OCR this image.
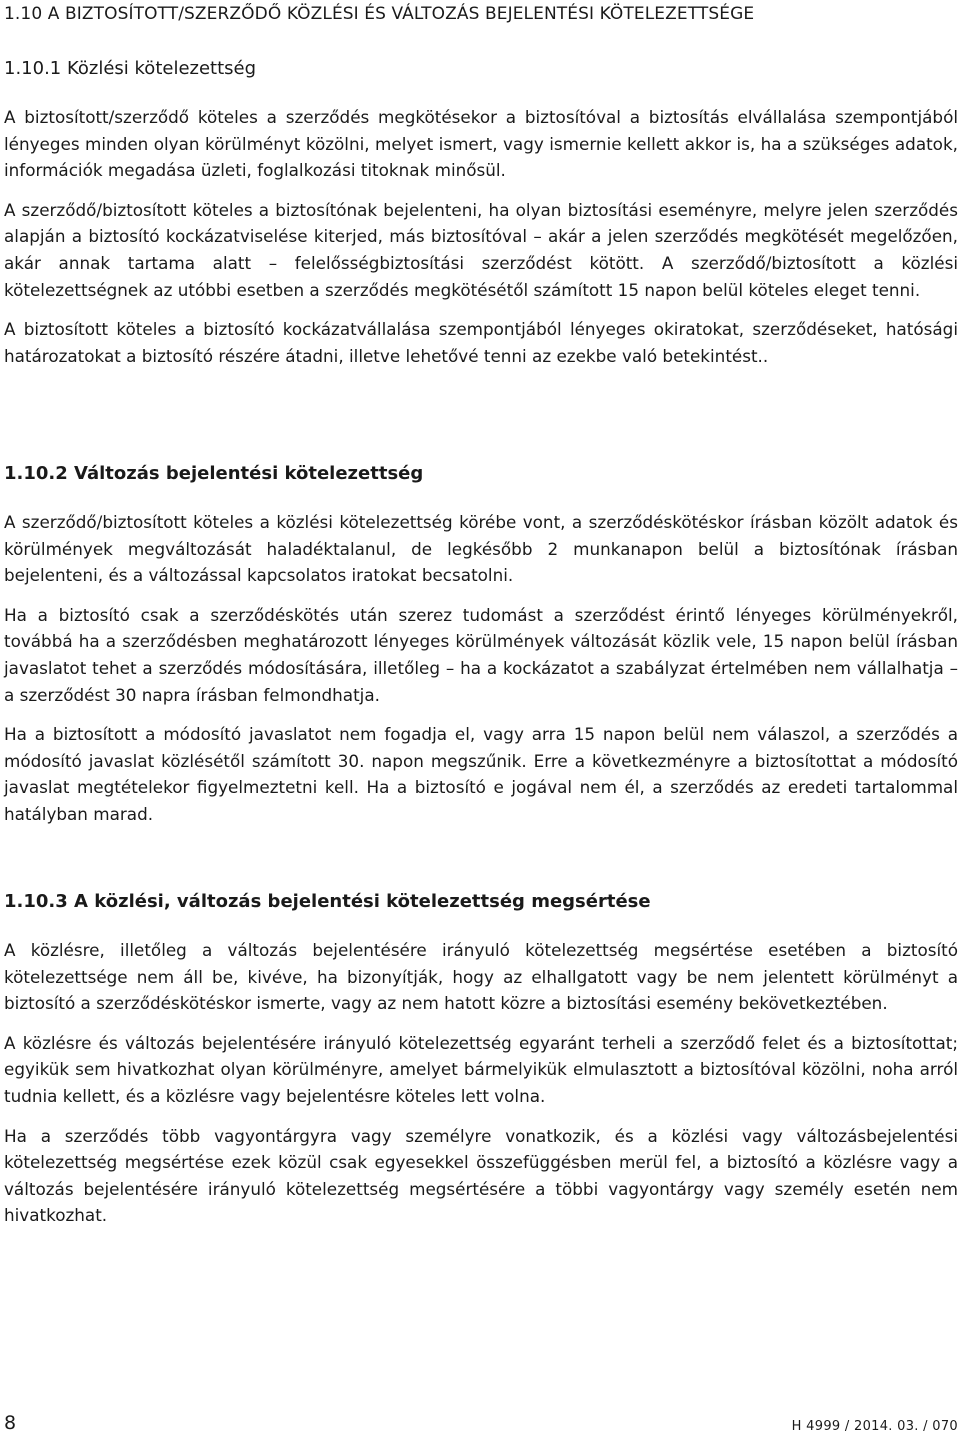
1.10 A BIZTOSÍTOTT/SZERZŐDŐ KÖZLÉSI ÉS VÁLTOZÁS BEJELENTÉSI KÖTELEZETTSÉGE
1.10.1 Közlési kötelezettség

A biztosított/szerződő köteles a szerződés megkötésekor a biztosítóval a biztosítás elvállalása szempontjából lényeges minden olyan körülményt közölni, melyet ismert, vagy ismernie kellett akkor is, ha a szükséges adatok, információk megadása üzleti, foglalkozási titoknak minősül.

A szerződő/biztosított köteles a biztosítónak bejelenteni, ha olyan biztosítási eseményre, melyre jelen szerződés alapján a biztosító kockázatviselése kiterjed, más biztosítóval – akár a jelen szerződés megkötését megelőzően, akár annak tartama alatt – felelősségbiztosítási szerződést kötött. A szerződő/biztosított a közlési kötelezettségnek az utóbbi esetben a szerződés megkötésétől számított 15 napon belül köteles eleget tenni.

A biztosított köteles a biztosító kockázatvállalása szempontjából lényeges okiratokat, szerződéseket, hatósági határozatokat a biztosító részére átadni, illetve lehetővé tenni az ezekbe való betekintést..

1.10.2 Változás bejelentési kötelezettség

A szerződő/biztosított köteles a közlési kötelezettség körébe vont, a szerződéskötéskor írásban közölt adatok és körülmények megváltozását haladéktalanul, de legkésőbb 2 munkanapon belül a biztosítónak írásban bejelenteni, és a változással kapcsolatos iratokat becsatolni.

Ha a biztosító csak a szerződéskötés után szerez tudomást a szerződést érintő lényeges körülményekről, továbbá ha a szerződésben meghatározott lényeges körülmények változását közlik vele, 15 napon belül írásban javaslatot tehet a szerződés módosítására, illetőleg – ha a kockázatot a szabályzat értelmében nem vállalhatja – a szerződést 30 napra írásban felmondhatja.

Ha a biztosított a módosító javaslatot nem fogadja el, vagy arra 15 napon belül nem válaszol, a szerződés a módosító javaslat közlésétől számított 30. napon megszűnik. Erre a következményre a biztosítottat a módosító javaslat megtételekor figyelmeztetni kell. Ha a biztosító e jogával nem él, a szerződés az eredeti tartalommal hatályban marad.

1.10.3 A közlési, változás bejelentési kötelezettség megsértése

A közlésre, illetőleg a változás bejelentésére irányuló kötelezettség megsértése esetében a biztosító kötelezettsége nem áll be, kivéve, ha bizonyítják, hogy az elhallgatott vagy be nem jelentett körülményt a biztosító a szerződéskötéskor ismerte, vagy az nem hatott közre a biztosítási esemény bekövetkeztében.

A közlésre és változás bejelentésére irányuló kötelezettség egyaránt terheli a szerződő felet és a biztosítottat; egyikük sem hivatkozhat olyan körülményre, amelyet bármelyikük elmulasztott a biztosítóval közölni, noha arról tudnia kellett, és a közlésre vagy bejelentésre köteles lett volna.

Ha a szerződés több vagyontárgyra vagy személyre vonatkozik, és a közlési vagy változásbejelentési kötelezettség megsértése ezek közül csak egyesekkel összefüggésben merül fel, a biztosító a közlésre vagy a változás bejelentésére irányuló kötelezettség megsértésére a többi vagyontárgy vagy személy esetén nem hivatkozhat.

8	H 4999 / 2014. 03. / 070
